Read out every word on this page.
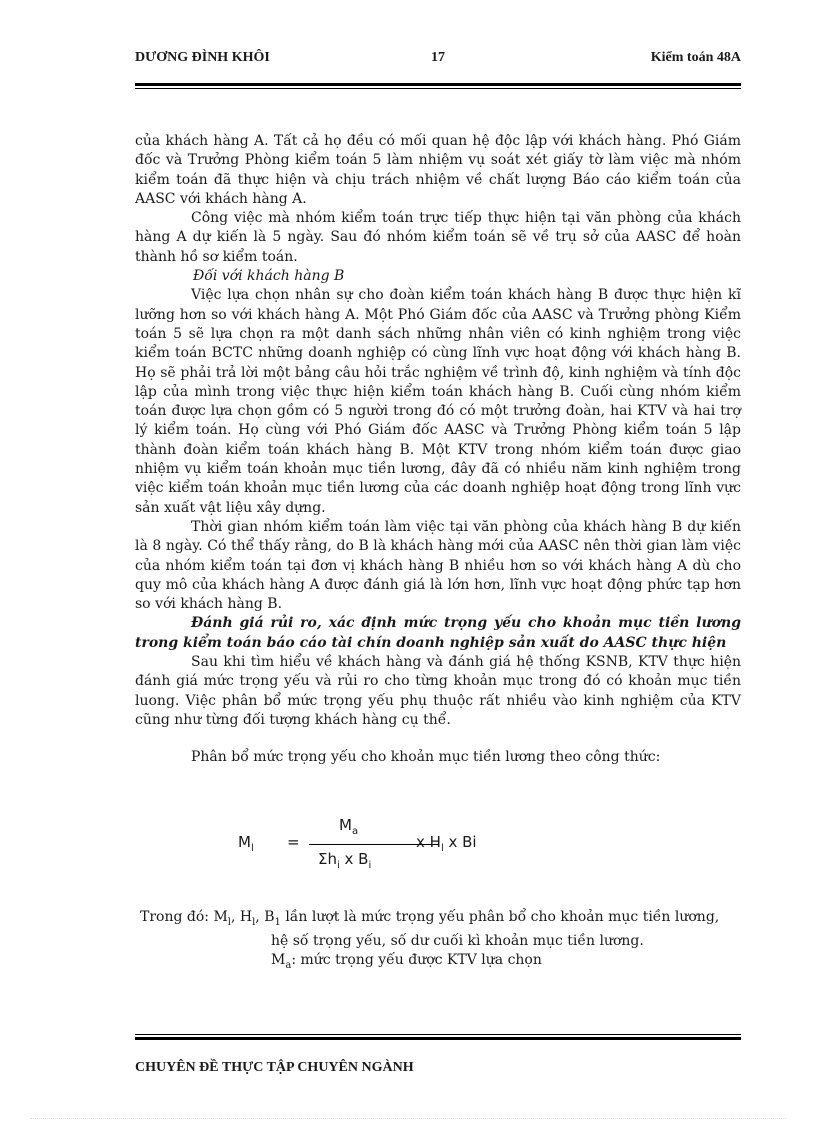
DƯƠNG ĐÌNH KHÔI	17	Kiểm toán 48A

của khách hàng A. Tất cả họ đều có mối quan hệ độc lập với khách hàng. Phó Giám đốc và Trưởng Phòng kiểm toán 5 làm nhiệm vụ soát xét giấy tờ làm việc mà nhóm kiểm toán đã thực hiện và chịu trách nhiệm về chất lượng Báo cáo kiểm toán của AASC với khách hàng A.

Công việc mà nhóm kiểm toán trực tiếp thực hiện tại văn phòng của khách hàng A dự kiến là 5 ngày. Sau đó nhóm kiểm toán sẽ về trụ sở của AASC để hoàn thành hồ sơ kiểm toán.

Đối với khách hàng B

Việc lựa chọn nhân sự cho đoàn kiểm toán khách hàng B được thực hiện kĩ lưỡng hơn so với khách hàng A. Một Phó Giám đốc của AASC và Trưởng phòng Kiểm toán 5 sẽ lựa chọn ra một danh sách những nhân viên có kinh nghiệm trong việc kiểm toán BCTC những doanh nghiệp có cùng lĩnh vực hoạt động với khách hàng B. Họ sẽ phải trả lời một bảng câu hỏi trắc nghiệm về trình độ, kinh nghiệm và tính độc lập của mình trong việc thực hiện kiểm toán khách hàng B. Cuối cùng nhóm kiểm toán được lựa chọn gồm có 5 người trong đó có một trưởng đoàn, hai KTV và hai trợ lý kiểm toán. Họ cùng với Phó Giám đốc AASC và Trưởng Phòng kiểm toán 5 lập thành đoàn kiểm toán khách hàng B. Một KTV trong nhóm kiểm toán được giao nhiệm vụ kiểm toán khoản mục tiền lương, đây đã có nhiều năm kinh nghiệm trong việc kiểm toán khoản mục tiền lương của các doanh nghiệp hoạt động trong lĩnh vực sản xuất vật liệu xây dựng.

Thời gian nhóm kiểm toán làm việc tại văn phòng của khách hàng B dự kiến là 8 ngày. Có thể thấy rằng, do B là khách hàng mới của AASC nên thời gian làm việc của nhóm kiểm toán tại đơn vị khách hàng B nhiều hơn so với khách hàng A dù cho quy mô của khách hàng A được đánh giá là lớn hơn, lĩnh vực hoạt động phức tạp hơn so với khách hàng B.

Đánh giá rủi ro, xác định mức trọng yếu cho khoản mục tiền lương trong kiểm toán báo cáo tài chín doanh nghiệp sản xuất do AASC thực hiện

Sau khi tìm hiểu về khách hàng và đánh giá hệ thống KSNB, KTV thực hiện đánh giá mức trọng yếu và rủi ro cho từng khoản mục trong đó có khoản mục tiền luong. Việc phân bổ mức trọng yếu phụ thuộc rất nhiều vào kinh nghiệm của KTV cũng như từng đối tượng khách hàng cụ thể.

Phân bổ mức trọng yếu cho khoản mục tiền lương theo công thức:

$M_l$ =
$M_a$
$\Sigma h_i$ x $B_i$
x $H_l$ x Bi

Trong đó: $M_l$, $H_l$, $B_1$ lần lượt là mức trọng yếu phân bổ cho khoản mục tiền lương,

hệ số trọng yếu, số dư cuối kì khoản mục tiền lương.

$M_a$: mức trọng yếu được KTV lựa chọn

CHUYÊN ĐỀ THỰC TẬP CHUYÊN NGÀNH
